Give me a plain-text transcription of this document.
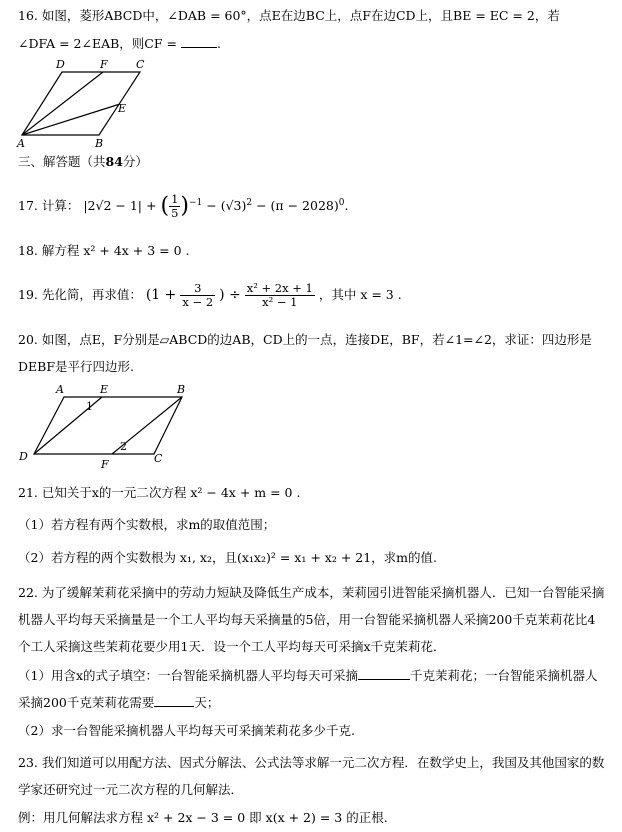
16. 如图，菱形ABCD中，∠DAB = 60°，点E在边BC上，点F在边CD上，且BE = EC = 2，若
∠DFA = 2∠EAB，则CF =	.
D	F	C
E
A	B
三、解答题（共84分）
17. 计算： |2√2 − 1| + ( $\frac{1}{5} )^{-1} - (√3)^2 - (\pi - 2028)^0$.
18. 解方程 x² + 4x + 3 = 0 .
19. 先化简，再求值： ($1 + \frac{3}{x - 2}$ ) ÷ $\frac{\text{x² + 2x + 1}}{\text{x² − 1}}$ ，其中 x = 3 .
20. 如图，点E，F分别是▱ABCD的边AB，CD上的一点，连接DE，BF，若∠1=∠2，求证：四边形是
DEBF是平行四边形.
A	E	B
D
F	C
1
2
21. 已知关于x的一元二次方程 x² − 4x + m = 0 .
（1）若方程有两个实数根，求m的取值范围；
（2）若方程的两个实数根为 x₁, x₂，且(x₁x₂)² = x₁ + x₂ + 21，求m的值.
22. 为了缓解茉莉花采摘中的劳动力短缺及降低生产成本，茉莉园引进智能采摘机器人．已知一台智能采摘
机器人平均每天采摘量是一个工人平均每天采摘量的5倍，用一台智能采摘机器人采摘200千克茉莉花比4
个工人采摘这些茉莉花要少用1天．设一个工人平均每天可采摘x千克茉莉花．
（1）用含x的式子填空：一台智能采摘机器人平均每天可采摘	千克茉莉花；一台智能采摘机器人
采摘200千克茉莉花需要	天；
（2）求一台智能采摘机器人平均每天可采摘茉莉花多少千克.
23. 我们知道可以用配方法、因式分解法、公式法等求解一元二次方程．在数学史上，我国及其他国家的数
学家还研究过一元二次方程的几何解法．
例：用几何解法求方程 x² + 2x − 3 = 0 即 x(x + 2) = 3 的正根.
